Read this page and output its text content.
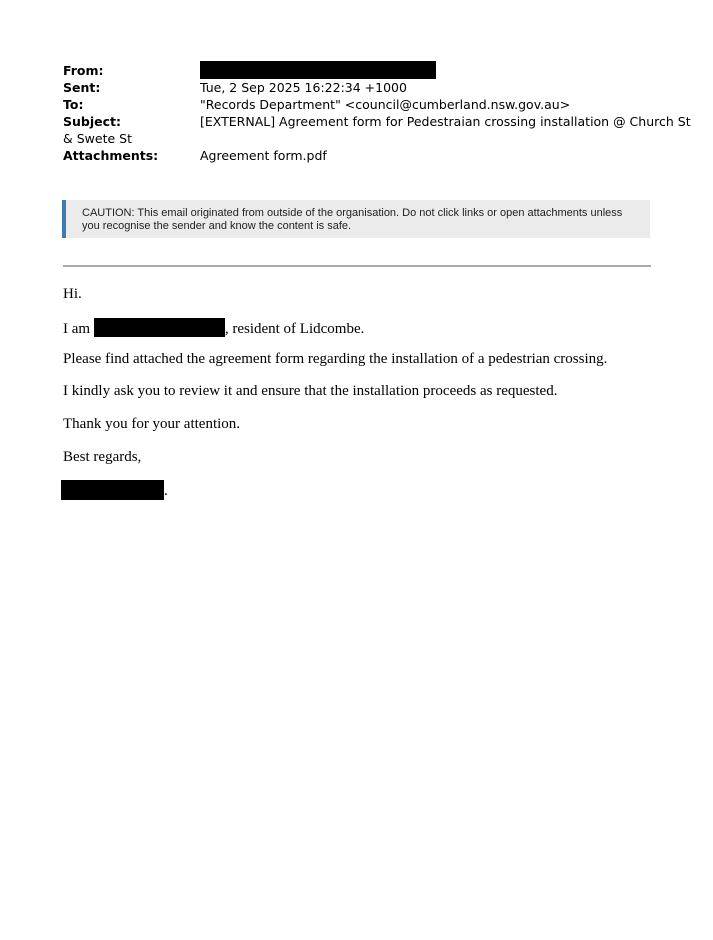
From:
Sent:	Tue, 2 Sep 2025 16:22:34 +1000
To:	"Records Department" <council@cumberland.nsw.gov.au>
Subject:	[EXTERNAL] Agreement form for Pedestraian crossing installation @ Church St
& Swete St
Attachments:	Agreement form.pdf
CAUTION: This email originated from outside of the organisation. Do not click links or open attachments unless
you recognise the sender and know the content is safe.

Hi.

I am	, resident of Lidcombe.

Please find attached the agreement form regarding the installation of a pedestrian crossing.

I kindly ask you to review it and ensure that the installation proceeds as requested.

Thank you for your attention.

Best regards,

.
